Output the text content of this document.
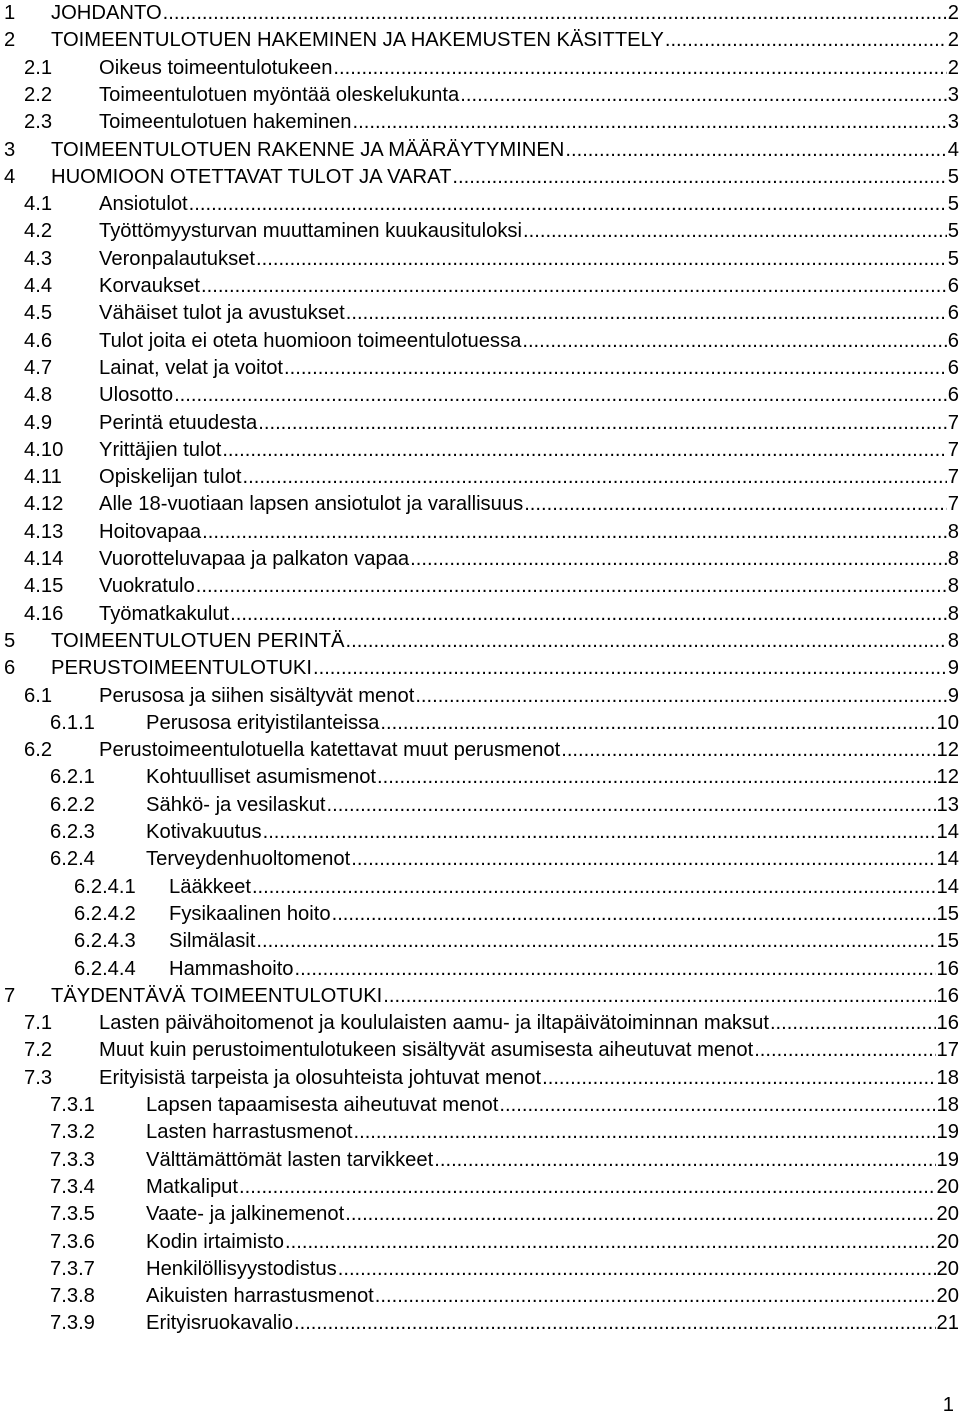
1 JOHDANTO .....	2
2 TOIMEENTULOTUEN HAKEMINEN JA HAKEMUSTEN KÄSITTELY .....	2
2.1 Oikeus toimeentulotukeen .....	2
2.2 Toimeentulotuen myöntää oleskelukunta .....	3
2.3 Toimeentulotuen hakeminen .....	3
3 TOIMEENTULOTUEN RAKENNE JA MÄÄRÄYTYMINEN .....	4
4 HUOMIOON OTETTAVAT TULOT JA VARAT .....	5
4.1 Ansiotulot .....	5
4.2 Työttömyysturvan muuttaminen kuukausituloksi .....	5
4.3 Veronpalautukset .....	5
4.4 Korvaukset .....	6
4.5 Vähäiset tulot ja avustukset .....	6
4.6 Tulot joita ei oteta huomioon toimeentulotuessa .....	6
4.7 Lainat, velat ja voitot .....	6
4.8 Ulosotto .....	6
4.9 Perintä etuudesta .....	7
4.10 Yrittäjien tulot .....	7
4.11 Opiskelijan tulot .....	7
4.12 Alle 18-vuotiaan lapsen ansiotulot ja varallisuus .....	7
4.13 Hoitovapaa .....	8
4.14 Vuorotteluvapaa ja palkaton vapaa .....	8
4.15 Vuokratulo .....	8
4.16 Työmatkakulut .....	8
5 TOIMEENTULOTUEN PERINTÄ .....	8
6 PERUSTOIMEENTULOTUKI .....	9
6.1 Perusosa ja siihen sisältyvät menot .....	9
6.1.1	Perusosa erityistilanteissa .....	10
6.2 Perustoimeentulotuella katettavat muut perusmenot .....	12
6.2.1	Kohtuulliset asumismenot .....	12
6.2.2	Sähkö- ja vesilaskut .....	13
6.2.3	Kotivakuutus .....	14
6.2.4	Terveydenhuoltomenot .....	14
6.2.4.1 Lääkkeet .....	14
6.2.4.2 Fysikaalinen hoito .....	15
6.2.4.3 Silmälasit .....	15
6.2.4.4 Hammashoito .....	16
7 TÄYDENTÄVÄ TOIMEENTULOTUKI .....	16
7.1 Lasten päivähoitomenot ja koululaisten aamu- ja iltapäivätoiminnan maksut .....	16
7.2 Muut kuin perustoimentulotukeen sisältyvät asumisesta aiheutuvat menot .....	17
7.3 Erityisistä tarpeista ja olosuhteista johtuvat menot .....	18
7.3.1	Lapsen tapaamisesta aiheutuvat menot .....	18
7.3.2	Lasten harrastusmenot .....	19
7.3.3	Välttämättömät lasten tarvikkeet .....	19
7.3.4	Matkaliput .....	20
7.3.5	Vaate- ja jalkinemenot .....	20
7.3.6	Kodin irtaimisto .....	20
7.3.7	Henkilöllisyystodistus .....	20
7.3.8	Aikuisten harrastusmenot .....	20
7.3.9	Erityisruokavalio .....	21
1
